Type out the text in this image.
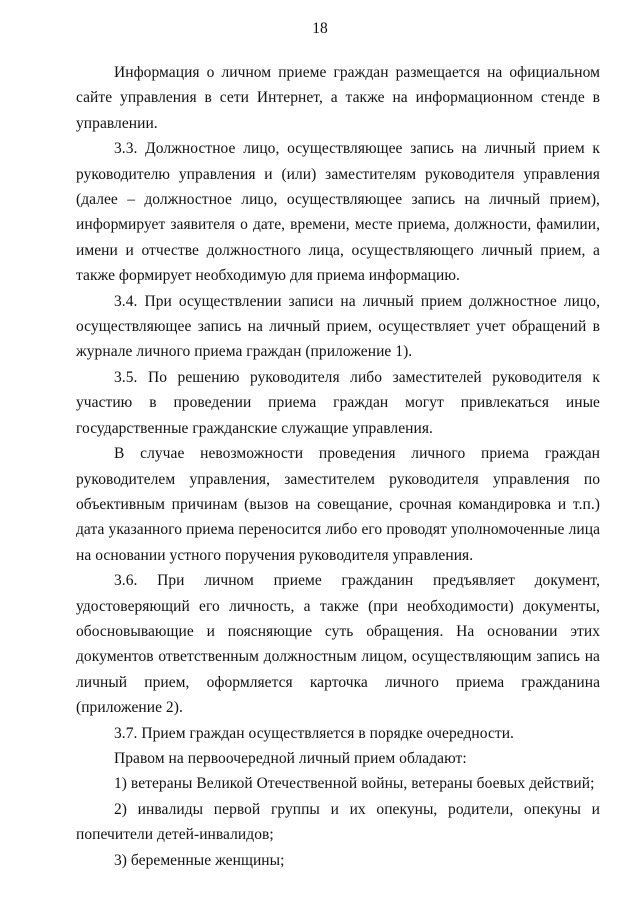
18

Информация о личном приеме граждан размещается на официальном сайте управления в сети Интернет, а также на информационном стенде в управлении.

3.3. Должностное лицо, осуществляющее запись на личный прием к руководителю управления и (или) заместителям руководителя управления (далее – должностное лицо, осуществляющее запись на личный прием), информирует заявителя о дате, времени, месте приема, должности, фамилии, имени и отчестве должностного лица, осуществляющего личный прием, а также формирует необходимую для приема информацию.

3.4. При осуществлении записи на личный прием должностное лицо, осуществляющее запись на личный прием, осуществляет учет обращений в журнале личного приема граждан (приложение 1).

3.5. По решению руководителя либо заместителей руководителя к участию в проведении приема граждан могут привлекаться иные государственные гражданские служащие управления.

В случае невозможности проведения личного приема граждан руководителем управления, заместителем руководителя управления по объективным причинам (вызов на совещание, срочная командировка и т.п.) дата указанного приема переносится либо его проводят уполномоченные лица на основании устного поручения руководителя управления.

3.6. При личном приеме гражданин предъявляет документ, удостоверяющий его личность, а также (при необходимости) документы, обосновывающие и поясняющие суть обращения. На основании этих документов ответственным должностным лицом, осуществляющим запись на личный прием, оформляется карточка личного приема гражданина (приложение 2).

3.7. Прием граждан осуществляется в порядке очередности.

Правом на первоочередной личный прием обладают:

1) ветераны Великой Отечественной войны, ветераны боевых действий;

2) инвалиды первой группы и их опекуны, родители, опекуны и попечители детей-инвалидов;

3) беременные женщины;
